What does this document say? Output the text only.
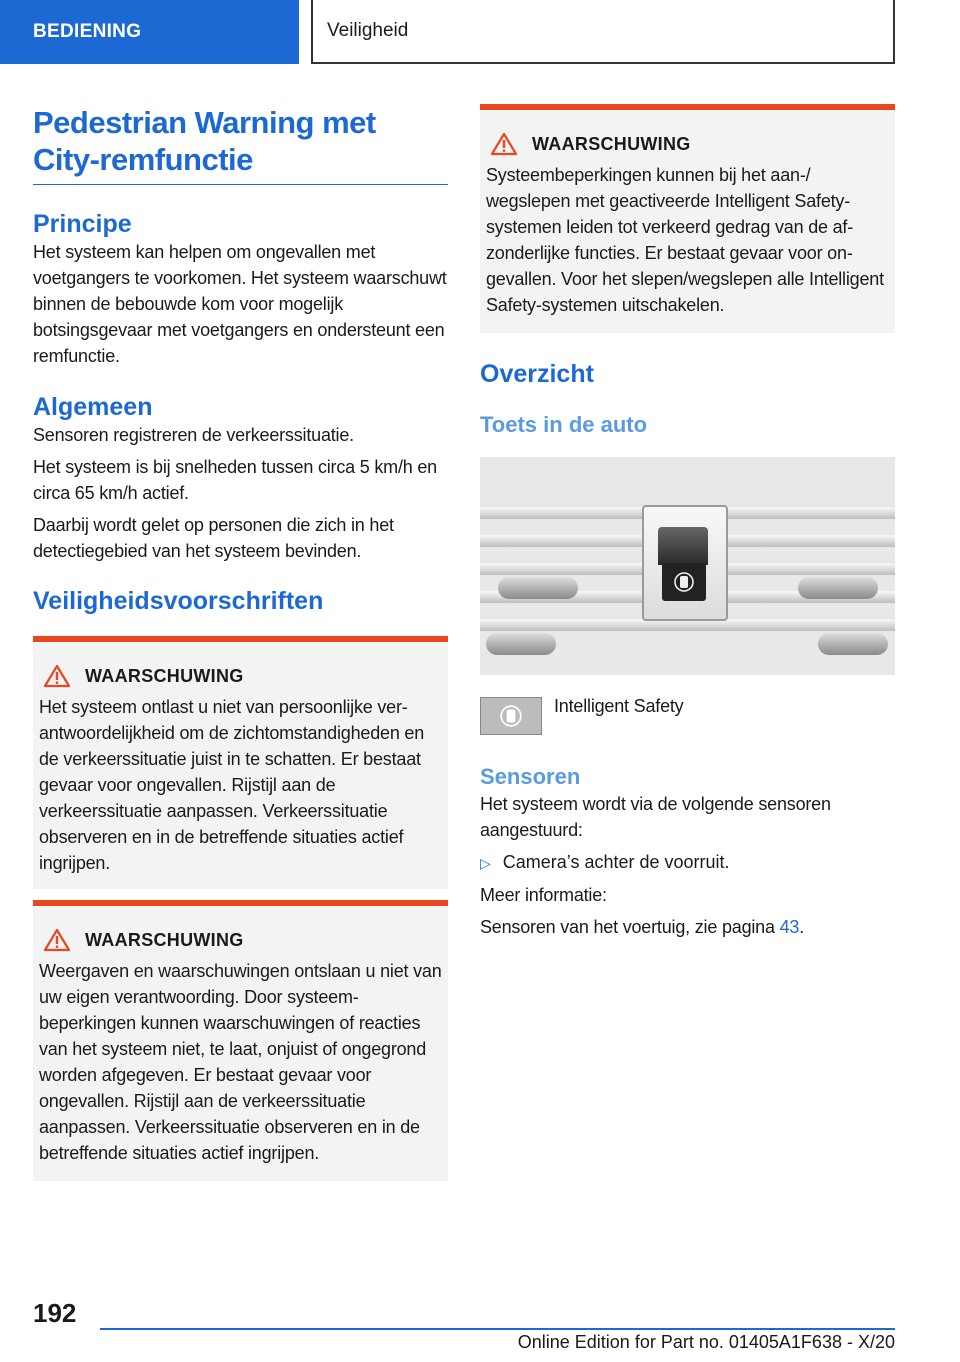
BEDIENING	Veiligheid
Pedestrian Warning met City-remfunctie
Principe

Het systeem kan helpen om ongevallen met voetgangers te voorkomen. Het systeem waarschuwt binnen de bebouwde kom voor mogelijk botsingsgevaar met voetgangers en ondersteunt een remfunctie.

Algemeen

Sensoren registreren de verkeerssituatie.

Het systeem is bij snelheden tussen circa 5 km/h en circa 65 km/h actief.

Daarbij wordt gelet op personen die zich in het detectiegebied van het systeem bevinden.

Veiligheidsvoorschriften
WAARSCHUWING

Het systeem ontlast u niet van persoonlijke verantwoordelijkheid om de zichtomstandigheden en de verkeerssituatie juist in te schatten. Er bestaat gevaar voor ongevallen. Rijstijl aan de verkeerssituatie aanpassen. Verkeerssituatie observeren en in de betreffende situaties actief ingrijpen.

WAARSCHUWING

Weergaven en waarschuwingen ontslaan u niet van uw eigen verantwoording. Door systeembeperkingen kunnen waarschuwingen of reacties van het systeem niet, te laat, onjuist of ongegrond worden afgegeven. Er bestaat gevaar voor ongevallen. Rijstijl aan de verkeerssituatie aanpassen. Verkeerssituatie observeren en in de betreffende situaties actief ingrijpen.

WAARSCHUWING

Systeembeperkingen kunnen bij het aan-/ wegslepen met geactiveerde Intelligent Safety-systemen leiden tot verkeerd gedrag van de afzonderlijke functies. Er bestaat gevaar voor ongevallen. Voor het slepen/wegslepen alle Intelligent Safety-systemen uitschakelen.

Overzicht
Toets in de auto

Intelligent Safety

Sensoren

Het systeem wordt via de volgende sensoren aangestuurd:

▷ Camera’s achter de voorruit.

Meer informatie:

Sensoren van het voertuig, zie pagina 43.

192
Online Edition for Part no. 01405A1F638 - X/20
